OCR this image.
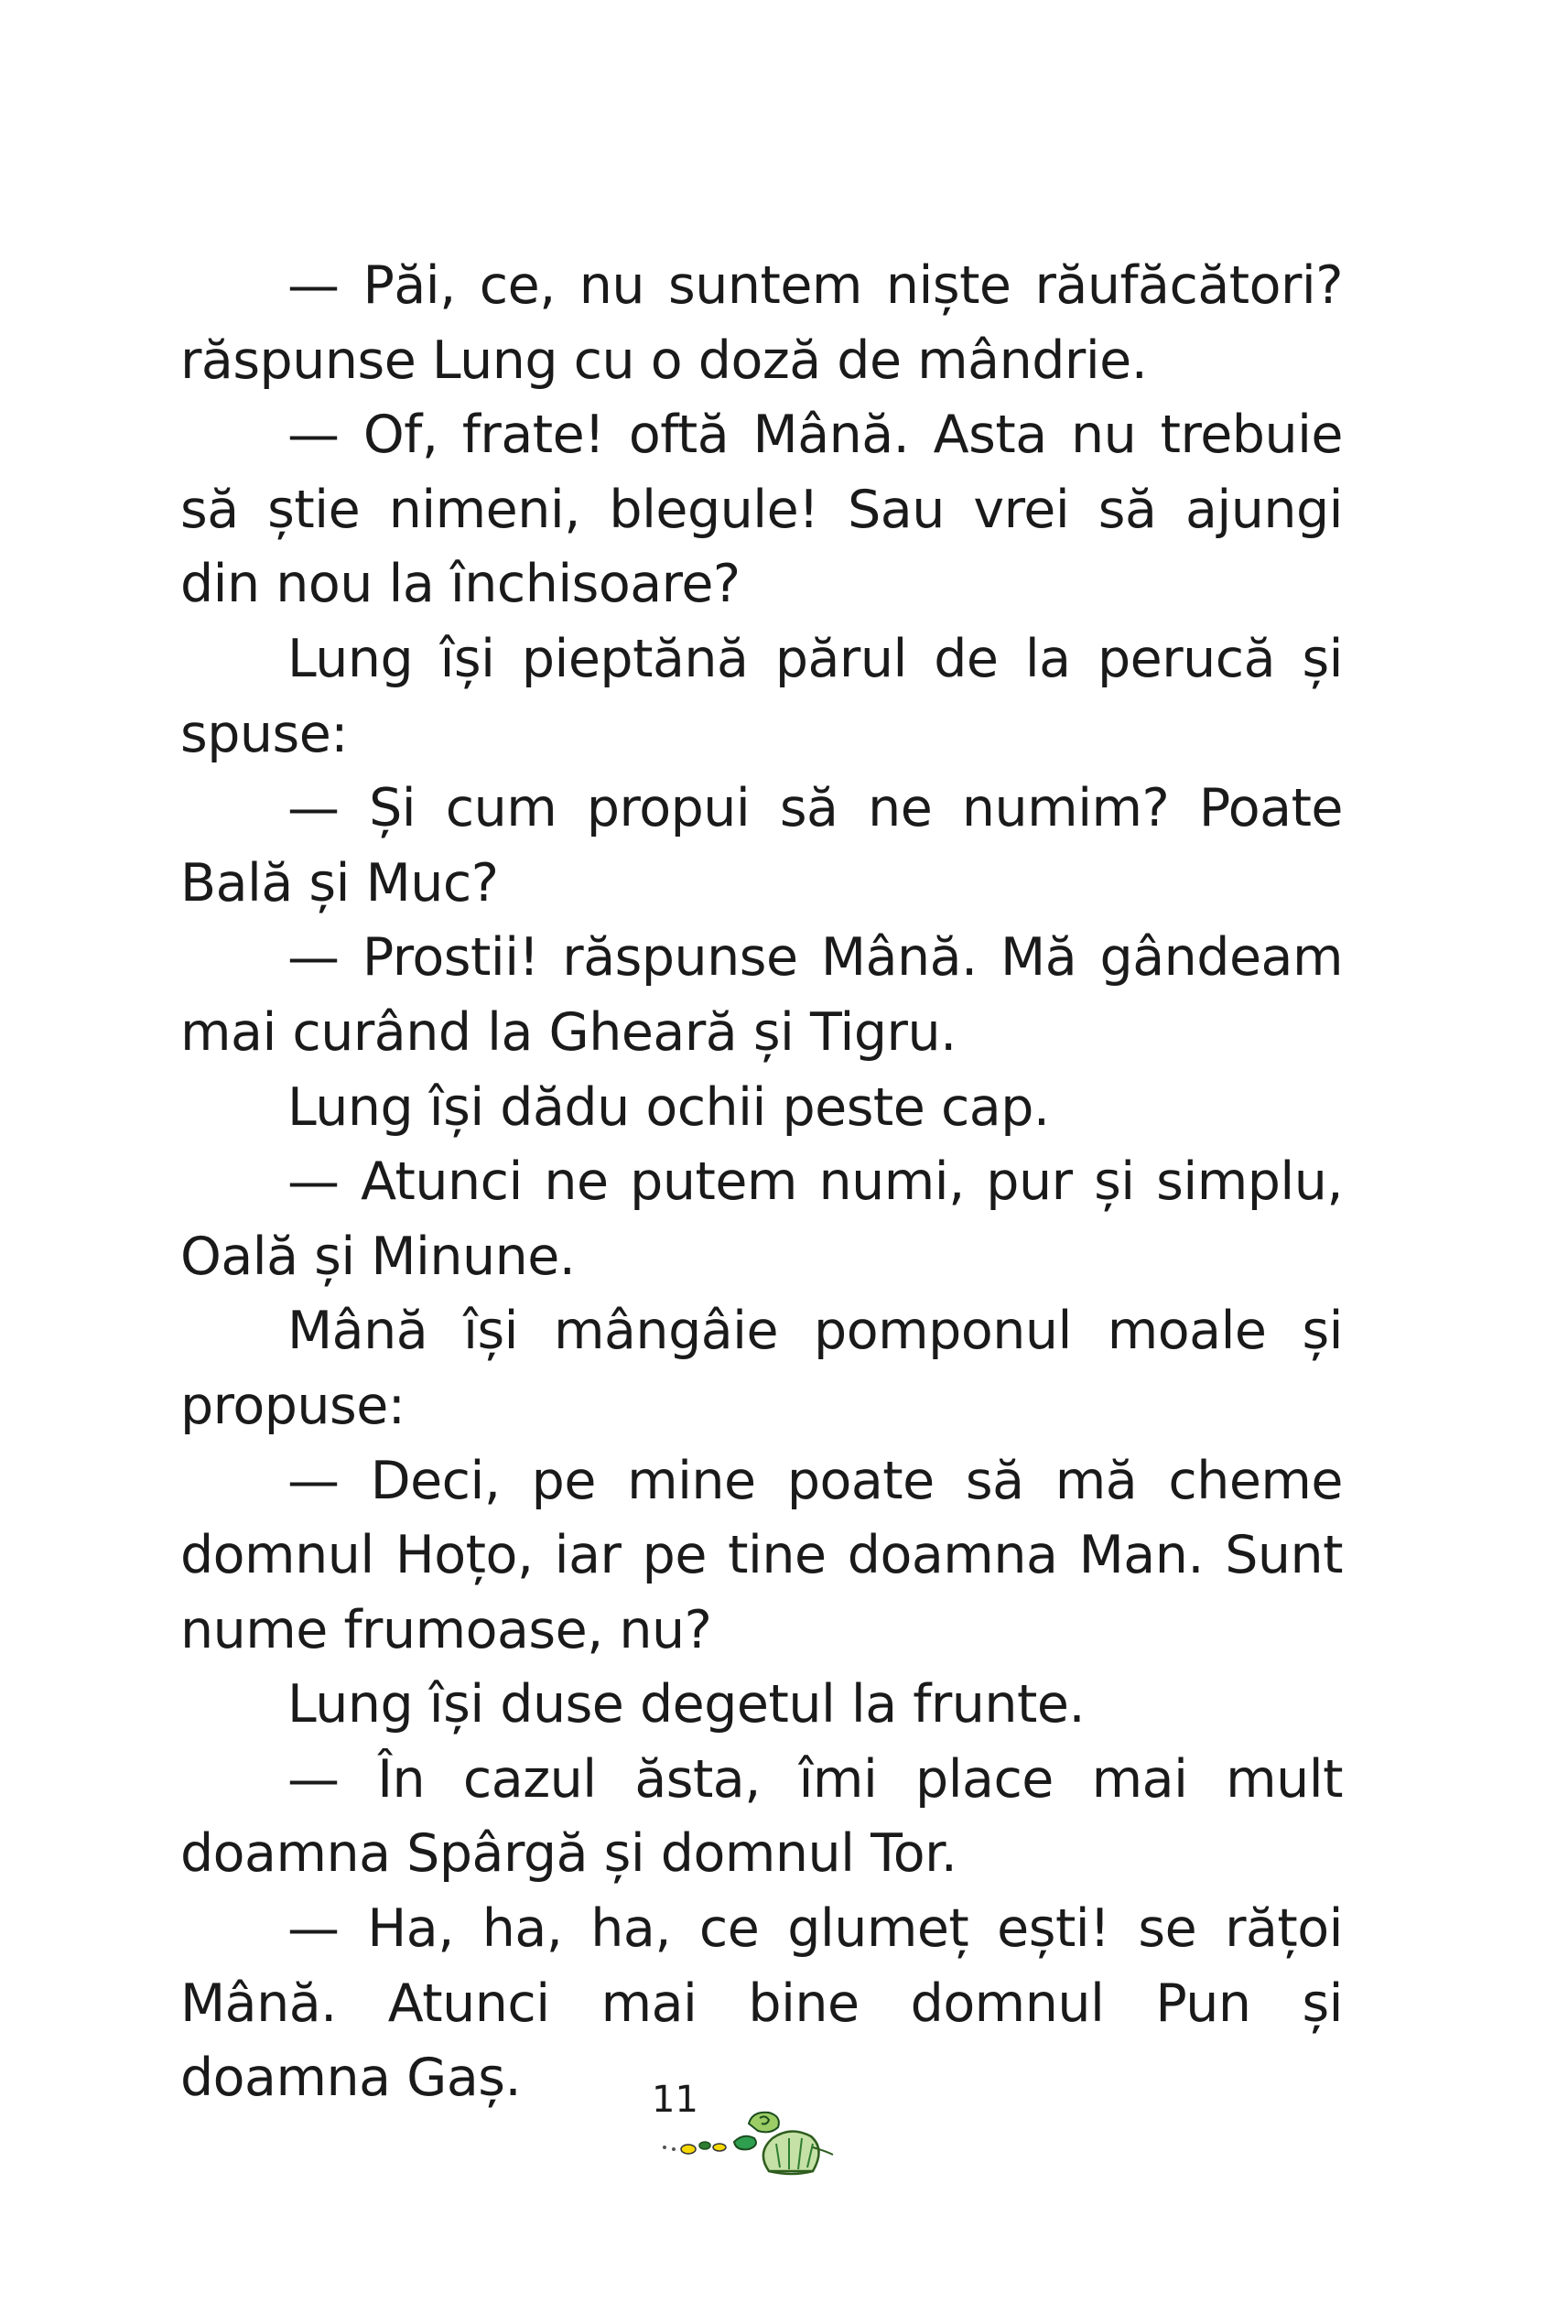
— Păi, ce, nu suntem niște răufăcători? răspunse Lung cu o doză de mândrie.

— Of, frate! oftă Mână. Asta nu trebuie să știe nimeni, blegule! Sau vrei să ajungi din nou la închisoare?

Lung își pieptănă părul de la perucă și spuse:

— Și cum propui să ne numim? Poate Bală și Muc?

— Prostii! răspunse Mână. Mă gândeam mai curând la Gheară și Tigru.

Lung își dădu ochii peste cap.

— Atunci ne putem numi, pur și simplu, Oală și Minune.

Mână își mângâie pomponul moale și propuse:

— Deci, pe mine poate să mă cheme domnul Hoțo, iar pe tine doamna Man. Sunt nume frumoase, nu?

Lung își duse degetul la frunte.

— În cazul ăsta, îmi place mai mult doamna Spârgă și domnul Tor.

— Ha, ha, ha, ce glumeț ești! se rățoi Mână. Atunci mai bine domnul Pun și doamna Gaș.	11
